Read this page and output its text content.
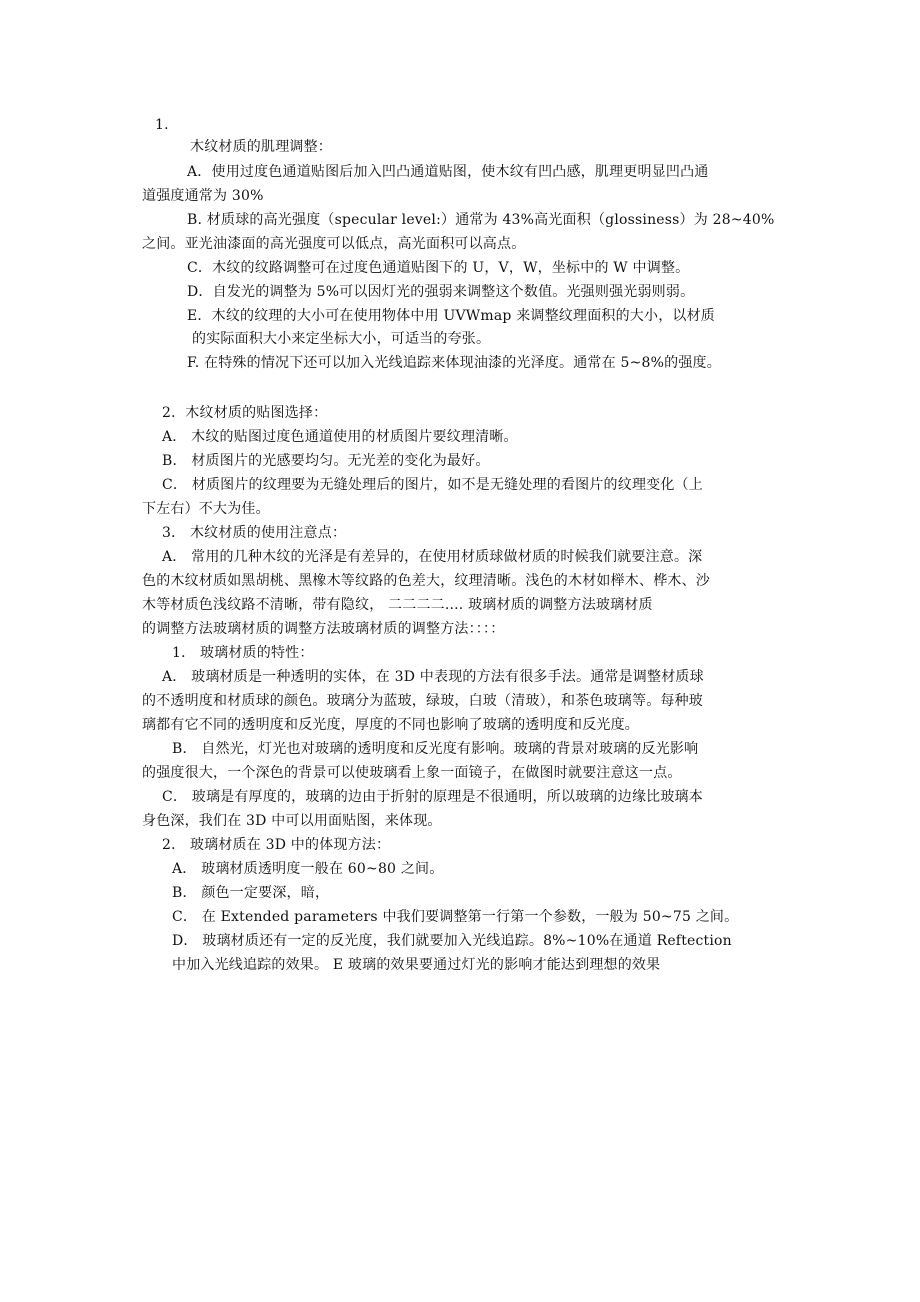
1.
木纹材质的肌理调整：
A．使用过度色通道贴图后加入凹凸通道贴图，使木纹有凹凸感，肌理更明显凹凸通
道强度通常为 30%
B. 材质球的高光强度（specular level:）通常为 43%高光面积（glossiness）为 28~40%
之间。亚光油漆面的高光强度可以低点，高光面积可以高点。
C．木纹的纹路调整可在过度色通道贴图下的 U，V，W，坐标中的 W 中调整。
D．自发光的调整为 5%可以因灯光的强弱来调整这个数值。光强则强光弱则弱。
E．木纹的纹理的大小可在使用物体中用 UVWmap 来调整纹理面积的大小，以材质
的实际面积大小来定坐标大小，可适当的夸张。
F. 在特殊的情况下还可以加入光线追踪来体现油漆的光泽度。通常在 5~8%的强度。
2．木纹材质的贴图选择：
A． 木纹的贴图过度色通道使用的材质图片要纹理清晰。
B． 材质图片的光感要均匀。无光差的变化为最好。
C． 材质图片的纹理要为无缝处理后的图片，如不是无缝处理的看图片的纹理变化（上
下左右）不大为佳。
3． 木纹材质的使用注意点：
A． 常用的几种木纹的光泽是有差异的，在使用材质球做材质的时候我们就要注意。深
色的木纹材质如黑胡桃、黑橡木等纹路的色差大，纹理清晰。浅色的木材如榉木、桦木、沙
木等材质色浅纹路不清晰，带有隐纹， 二二二二.... 玻璃材质的调整方法玻璃材质
的调整方法玻璃材质的调整方法玻璃材质的调整方法：：：：
1． 玻璃材质的特性：
A． 玻璃材质是一种透明的实体，在 3D 中表现的方法有很多手法。通常是调整材质球
的不透明度和材质球的颜色。玻璃分为蓝玻，绿玻，白玻（清玻），和茶色玻璃等。每种玻
璃都有它不同的透明度和反光度，厚度的不同也影响了玻璃的透明度和反光度。
B． 自然光，灯光也对玻璃的透明度和反光度有影响。玻璃的背景对玻璃的反光影响
的强度很大，一个深色的背景可以使玻璃看上象一面镜子，在做图时就要注意这一点。
C． 玻璃是有厚度的，玻璃的边由于折射的原理是不很通明，所以玻璃的边缘比玻璃本
身色深，我们在 3D 中可以用面贴图，来体现。
2． 玻璃材质在 3D 中的体现方法：
A． 玻璃材质透明度一般在 60~80 之间。
B． 颜色一定要深，暗，
C． 在 Extended parameters 中我们要调整第一行第一个参数，一般为 50~75 之间。
D． 玻璃材质还有一定的反光度，我们就要加入光线追踪。8%~10%在通道 Reftection
中加入光线追踪的效果。 E 玻璃的效果要通过灯光的影响才能达到理想的效果
